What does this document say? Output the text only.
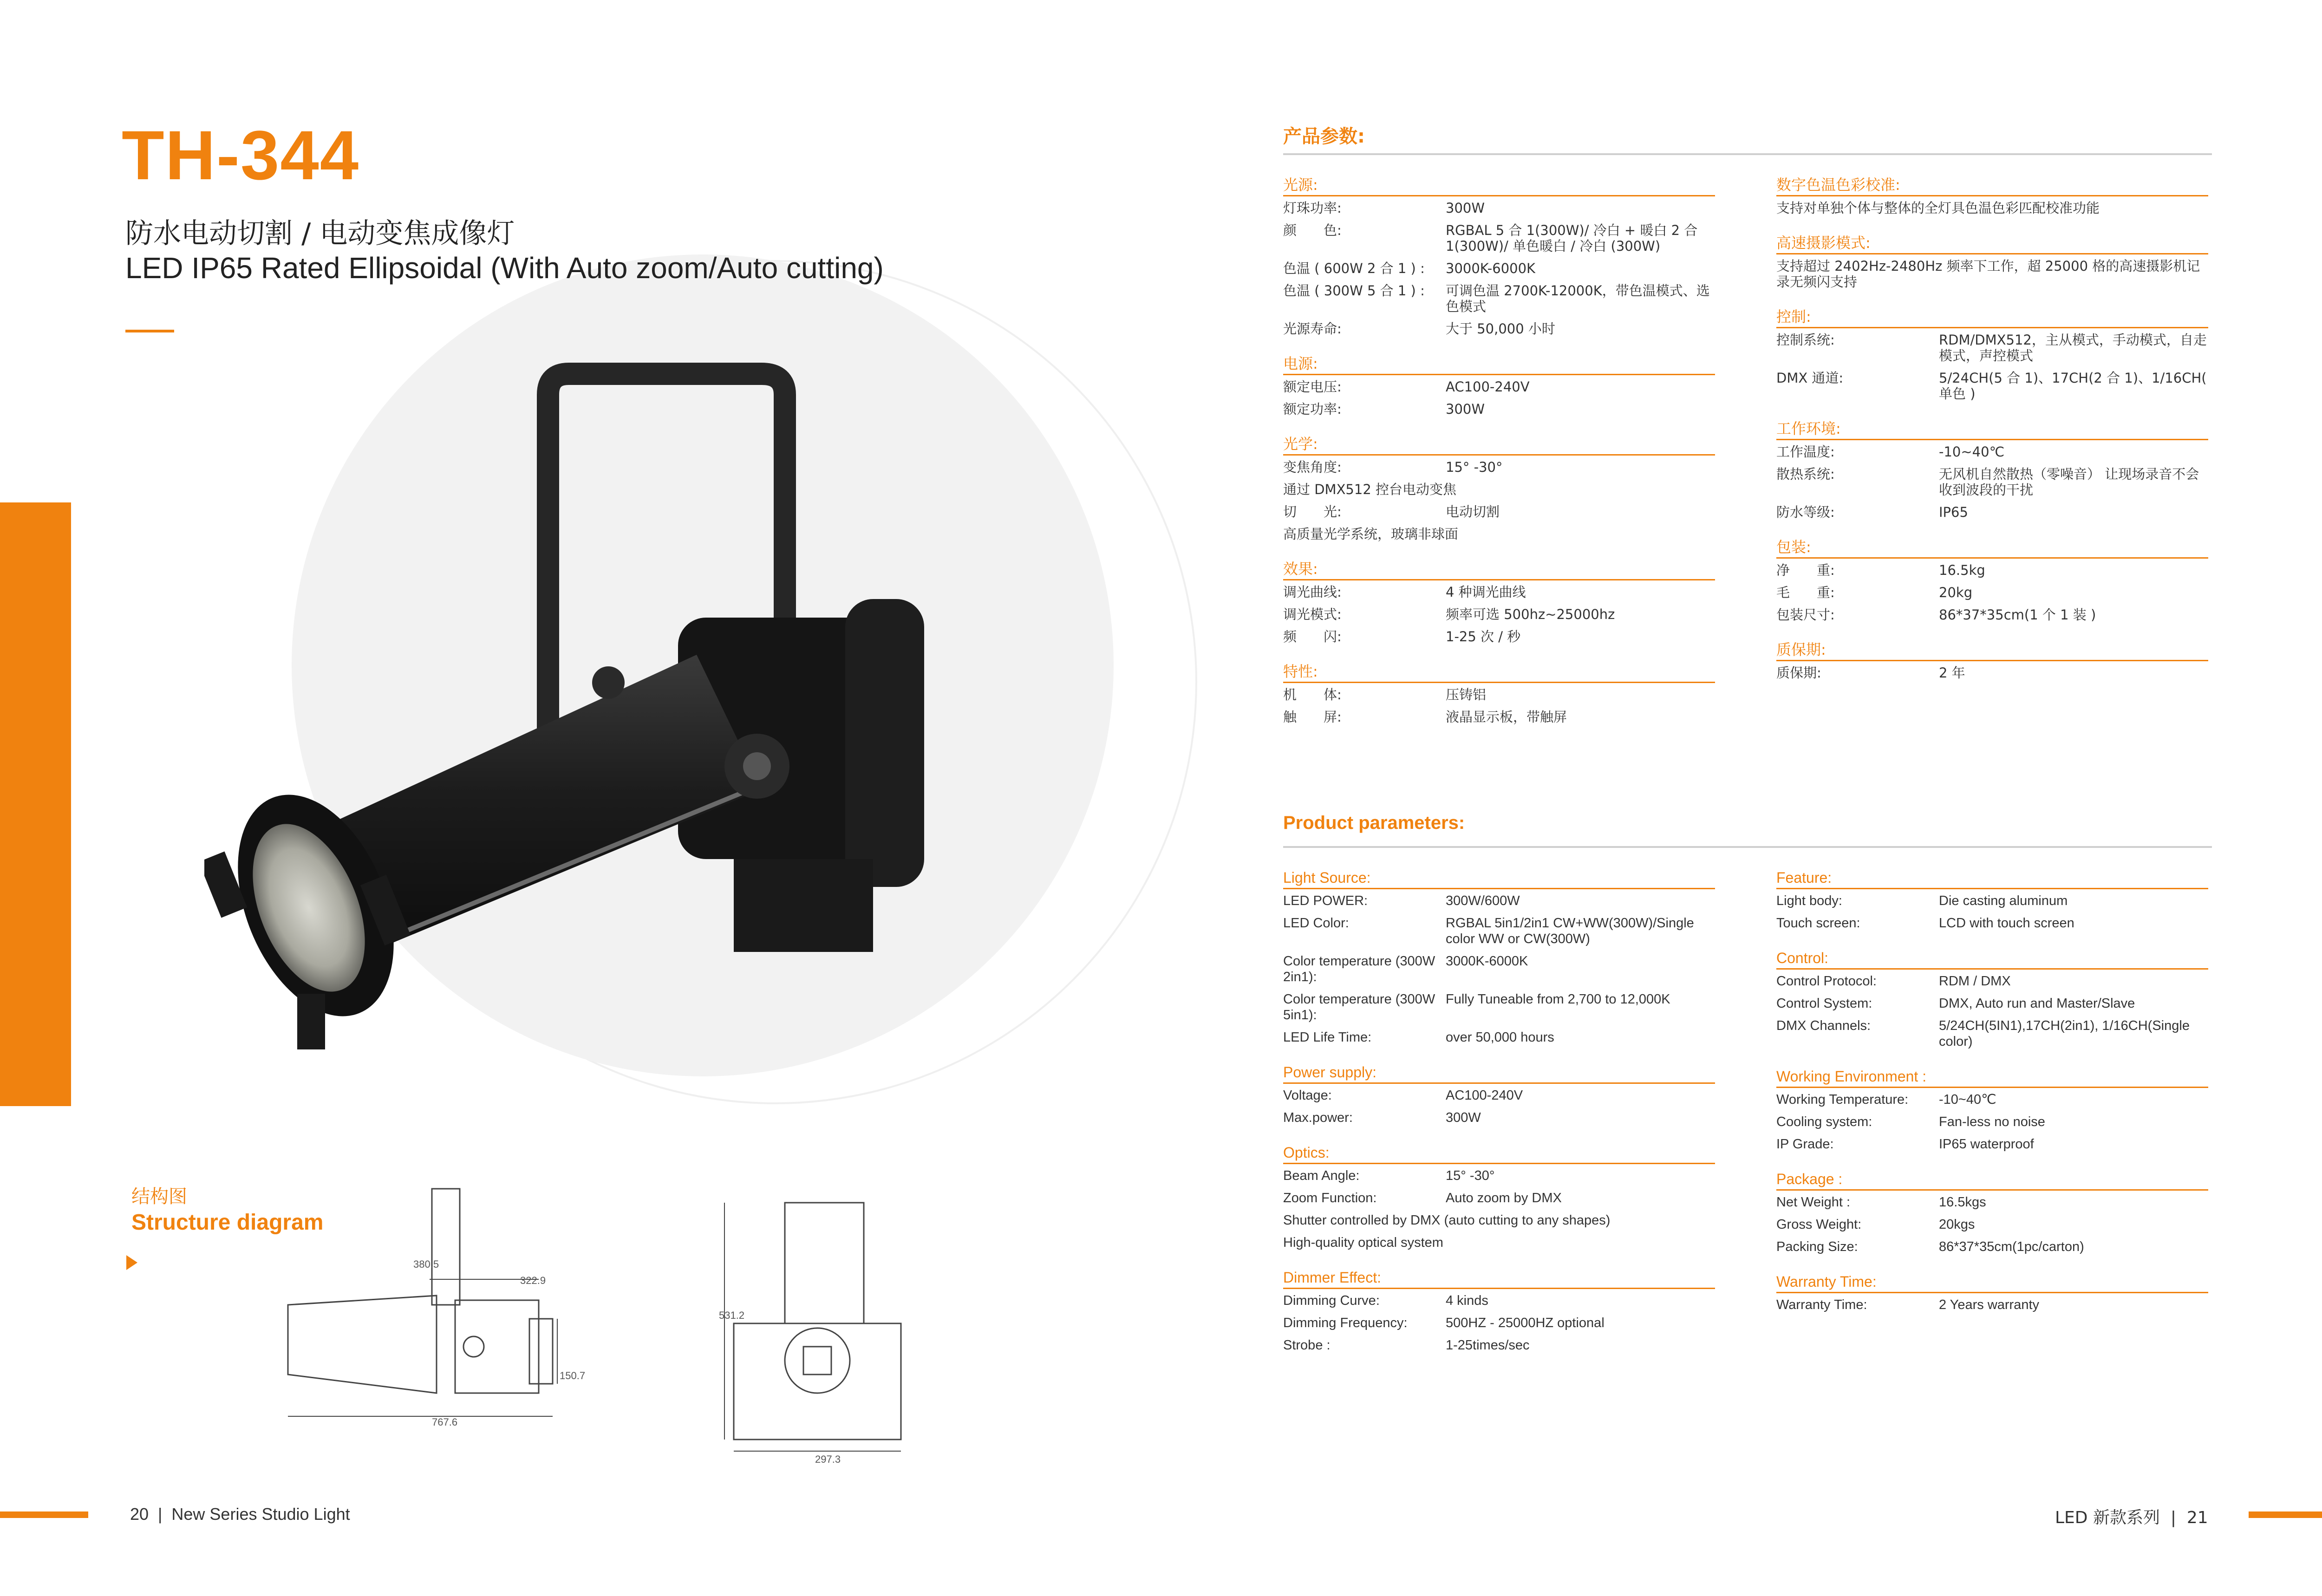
TH-344
防水电动切割 / 电动变焦成像灯
LED IP65 Rated Ellipsoidal (With Auto zoom/Auto cutting)
结构图
Structure diagram
380.5
322.9
150.7
767.6
531.2
297.3
20  |  New Series Studio Light	LED 新款系列  |  21
产品参数:
光源:
灯珠功率:	300W
颜　　色:	RGBAL 5 合 1(300W)/ 冷白 + 暖白 2 合 1(300W)/ 单色暖白 / 冷白 (300W)
色温 ( 600W 2 合 1 ) :	3000K-6000K
色温 ( 300W 5 合 1 ) :	可调色温 2700K-12000K，带色温模式、选色模式
光源寿命:	大于 50,000 小时
电源:
额定电压:	AC100-240V
额定功率:	300W
光学:
变焦角度:	15° -30°
通过 DMX512 控台电动变焦
切　　光:	电动切割
高质量光学系统，玻璃非球面
效果:
调光曲线:	4 种调光曲线
调光模式:	频率可选 500hz~25000hz
频　　闪:	1-25 次 / 秒
特性:
机　　体:	压铸铝
触　　屏:	液晶显示板，带触屏
数字色温色彩校准:
支持对单独个体与整体的全灯具色温色彩匹配校准功能
高速摄影模式:
支持超过 2402Hz-2480Hz 频率下工作，超 25000 格的高速摄影机记录无频闪支持
控制:
控制系统:	RDM/DMX512，主从模式，手动模式，自走模式，声控模式
DMX 通道:	5/24CH(5 合 1)、17CH(2 合 1)、1/16CH( 单色 )
工作环境:
工作温度:	-10~40℃
散热系统:	无风机自然散热（零噪音） 让现场录音不会收到波段的干扰
防水等级:	IP65
包装:
净　　重:	16.5kg
毛　　重:	20kg
包装尺寸:	86*37*35cm(1 个 1 装 )
质保期:
质保期:	2 年
Product parameters:
Light Source:
LED POWER:	300W/600W
LED Color:	RGBAL 5in1/2in1 CW+WW(300W)/Single color WW or CW(300W)
Color temperature (300W 2in1):
3000K-6000K
Color temperature (300W 5in1):
Fully Tuneable from 2,700 to 12,000K
LED Life Time:	over 50,000 hours
Power supply:
Voltage:	AC100-240V
Max.power:	300W
Optics:
Beam Angle:	15° -30°
Zoom Function:	Auto zoom by DMX
Shutter controlled by DMX (auto cutting to any shapes)
High-quality optical system
Dimmer Effect:
Dimming Curve:	4 kinds
Dimming Frequency:	500HZ - 25000HZ optional
Strobe :	1-25times/sec
Feature:
Light body:	Die casting aluminum
Touch screen:	LCD with touch screen
Control:
Control Protocol:	RDM / DMX
Control System:	DMX, Auto run and Master/Slave
DMX Channels:	5/24CH(5IN1),17CH(2in1), 1/16CH(Single color)
Working Environment :
Working Temperature:	-10~40℃
Cooling system:	Fan-less no noise
IP Grade:	IP65 waterproof
Package :
Net Weight :	16.5kgs
Gross Weight:	20kgs
Packing Size:	86*37*35cm(1pc/carton)
Warranty Time:
Warranty Time:	2 Years warranty
